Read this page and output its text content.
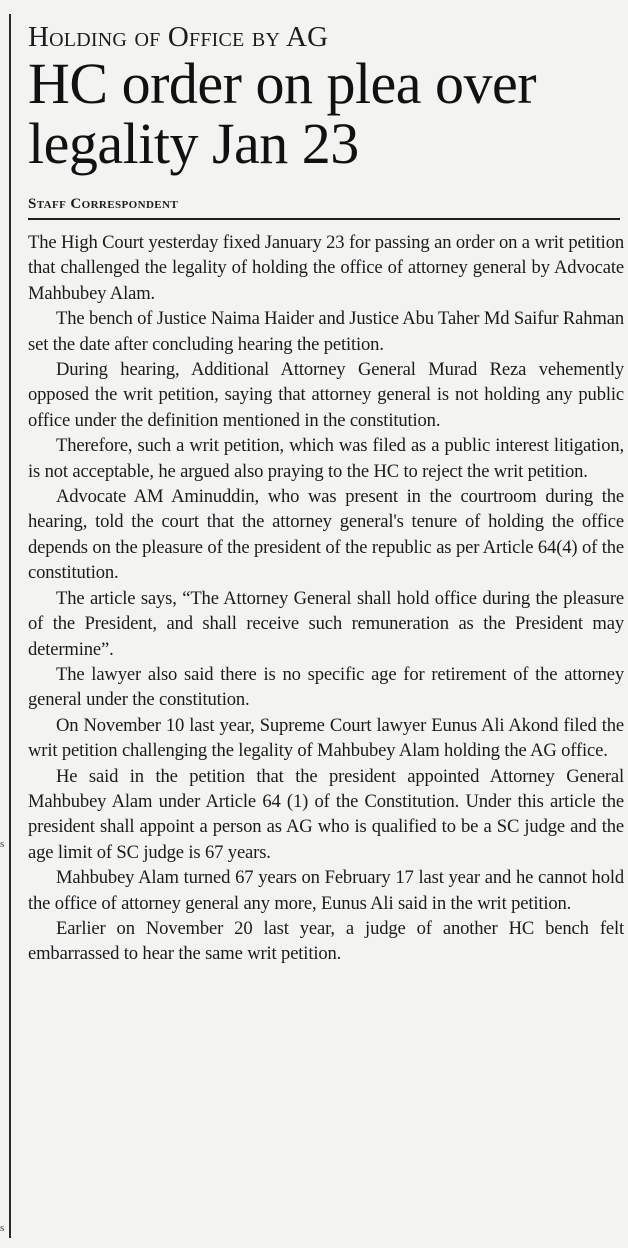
s
s
Holding of Office by AG
HC order on plea over legality Jan 23
Staff Correspondent

The High Court yesterday fixed January 23 for passing an order on a writ petition that challenged the legality of holding the office of attorney general by Advocate Mahbubey Alam.

The bench of Justice Naima Haider and Justice Abu Taher Md Saifur Rahman set the date after concluding hearing the petition.

During hearing, Additional Attorney General Murad Reza vehemently opposed the writ petition, saying that attorney general is not holding any public office under the definition mentioned in the constitution.

Therefore, such a writ petition, which was filed as a public interest litigation, is not acceptable, he argued also praying to the HC to reject the writ petition.

Advocate AM Aminuddin, who was present in the courtroom during the hearing, told the court that the attorney general's tenure of holding the office depends on the pleasure of the president of the republic as per Article 64(4) of the constitution.

The article says, “The Attorney General shall hold office during the pleasure of the President, and shall receive such remuneration as the President may determine”.

The lawyer also said there is no specific age for retirement of the attorney general under the constitution.

On November 10 last year, Supreme Court lawyer Eunus Ali Akond filed the writ petition challenging the legality of Mahbubey Alam holding the AG office.

He said in the petition that the president appointed Attorney General Mahbubey Alam under Article 64 (1) of the Constitution. Under this article the president shall appoint a person as AG who is qualified to be a SC judge and the age limit of SC judge is 67 years.

Mahbubey Alam turned 67 years on February 17 last year and he cannot hold the office of attorney general any more, Eunus Ali said in the writ petition.

Earlier on November 20 last year, a judge of another HC bench felt embarrassed to hear the same writ petition.
